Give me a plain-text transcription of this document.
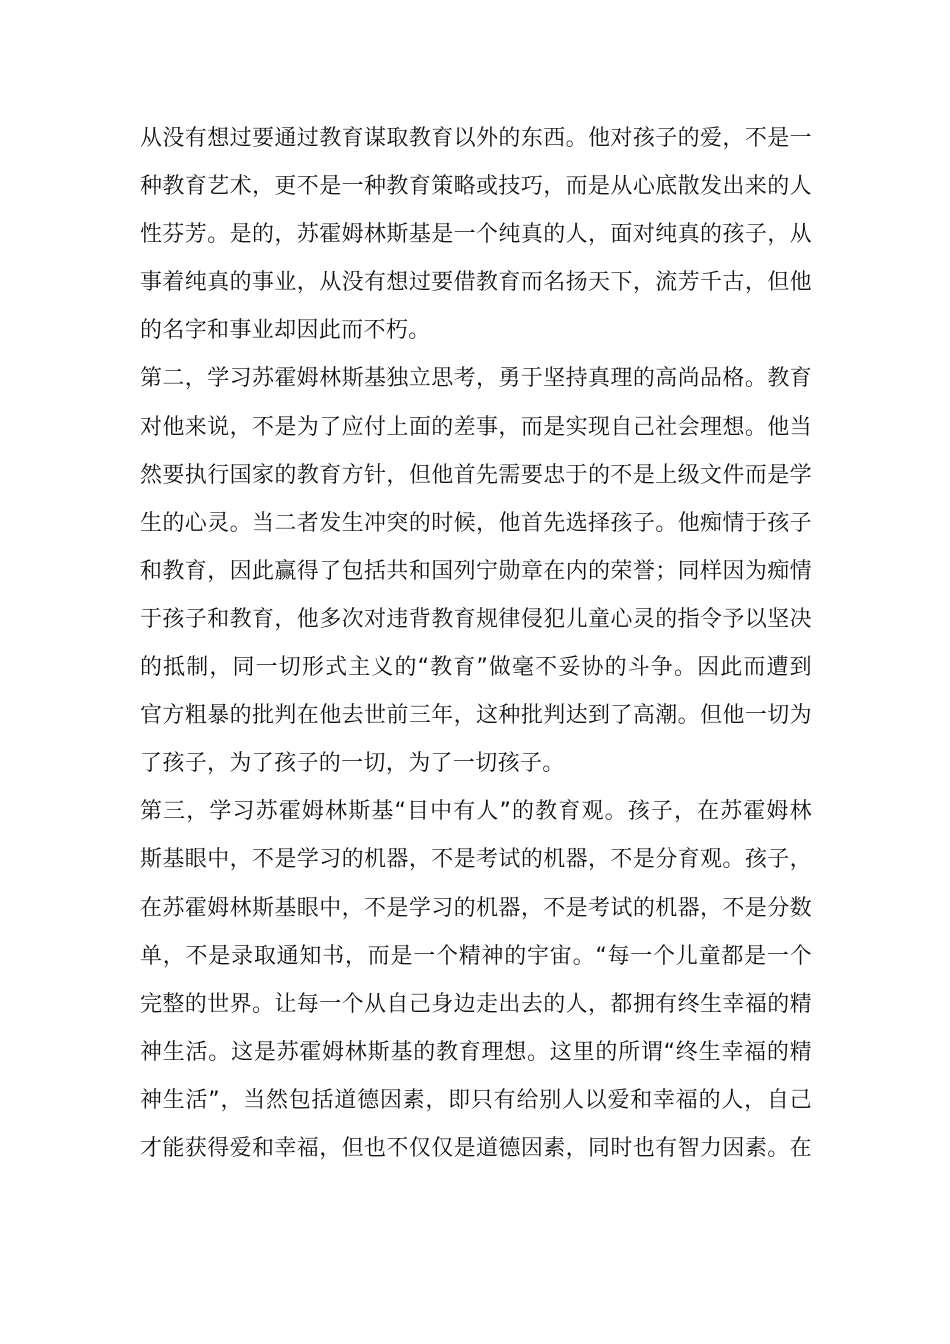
从没有想过要通过教育谋取教育以外的东西。他对孩子的爱，不是一
种教育艺术，更不是一种教育策略或技巧，而是从心底散发出来的人
性芬芳。是的，苏霍姆林斯基是一个纯真的人，面对纯真的孩子，从
事着纯真的事业，从没有想过要借教育而名扬天下，流芳千古，但他
的名字和事业却因此而不朽。
第二，学习苏霍姆林斯基独立思考，勇于坚持真理的高尚品格。教育
对他来说，不是为了应付上面的差事，而是实现自己社会理想。他当
然要执行国家的教育方针，但他首先需要忠于的不是上级文件而是学
生的心灵。当二者发生冲突的时候，他首先选择孩子。他痴情于孩子
和教育，因此赢得了包括共和国列宁勋章在内的荣誉；同样因为痴情
于孩子和教育，他多次对违背教育规律侵犯儿童心灵的指令予以坚决
的抵制，同一切形式主义的“教育”做毫不妥协的斗争。因此而遭到
官方粗暴的批判在他去世前三年，这种批判达到了高潮。但他一切为
了孩子，为了孩子的一切，为了一切孩子。
第三，学习苏霍姆林斯基“目中有人”的教育观。孩子，在苏霍姆林
斯基眼中，不是学习的机器，不是考试的机器，不是分育观。孩子，
在苏霍姆林斯基眼中，不是学习的机器，不是考试的机器，不是分数
单，不是录取通知书，而是一个精神的宇宙。“每一个儿童都是一个
完整的世界。让每一个从自己身边走出去的人，都拥有终生幸福的精
神生活。这是苏霍姆林斯基的教育理想。这里的所谓“终生幸福的精
神生活”，当然包括道德因素，即只有给别人以爱和幸福的人，自己
才能获得爱和幸福，但也不仅仅是道德因素，同时也有智力因素。在
